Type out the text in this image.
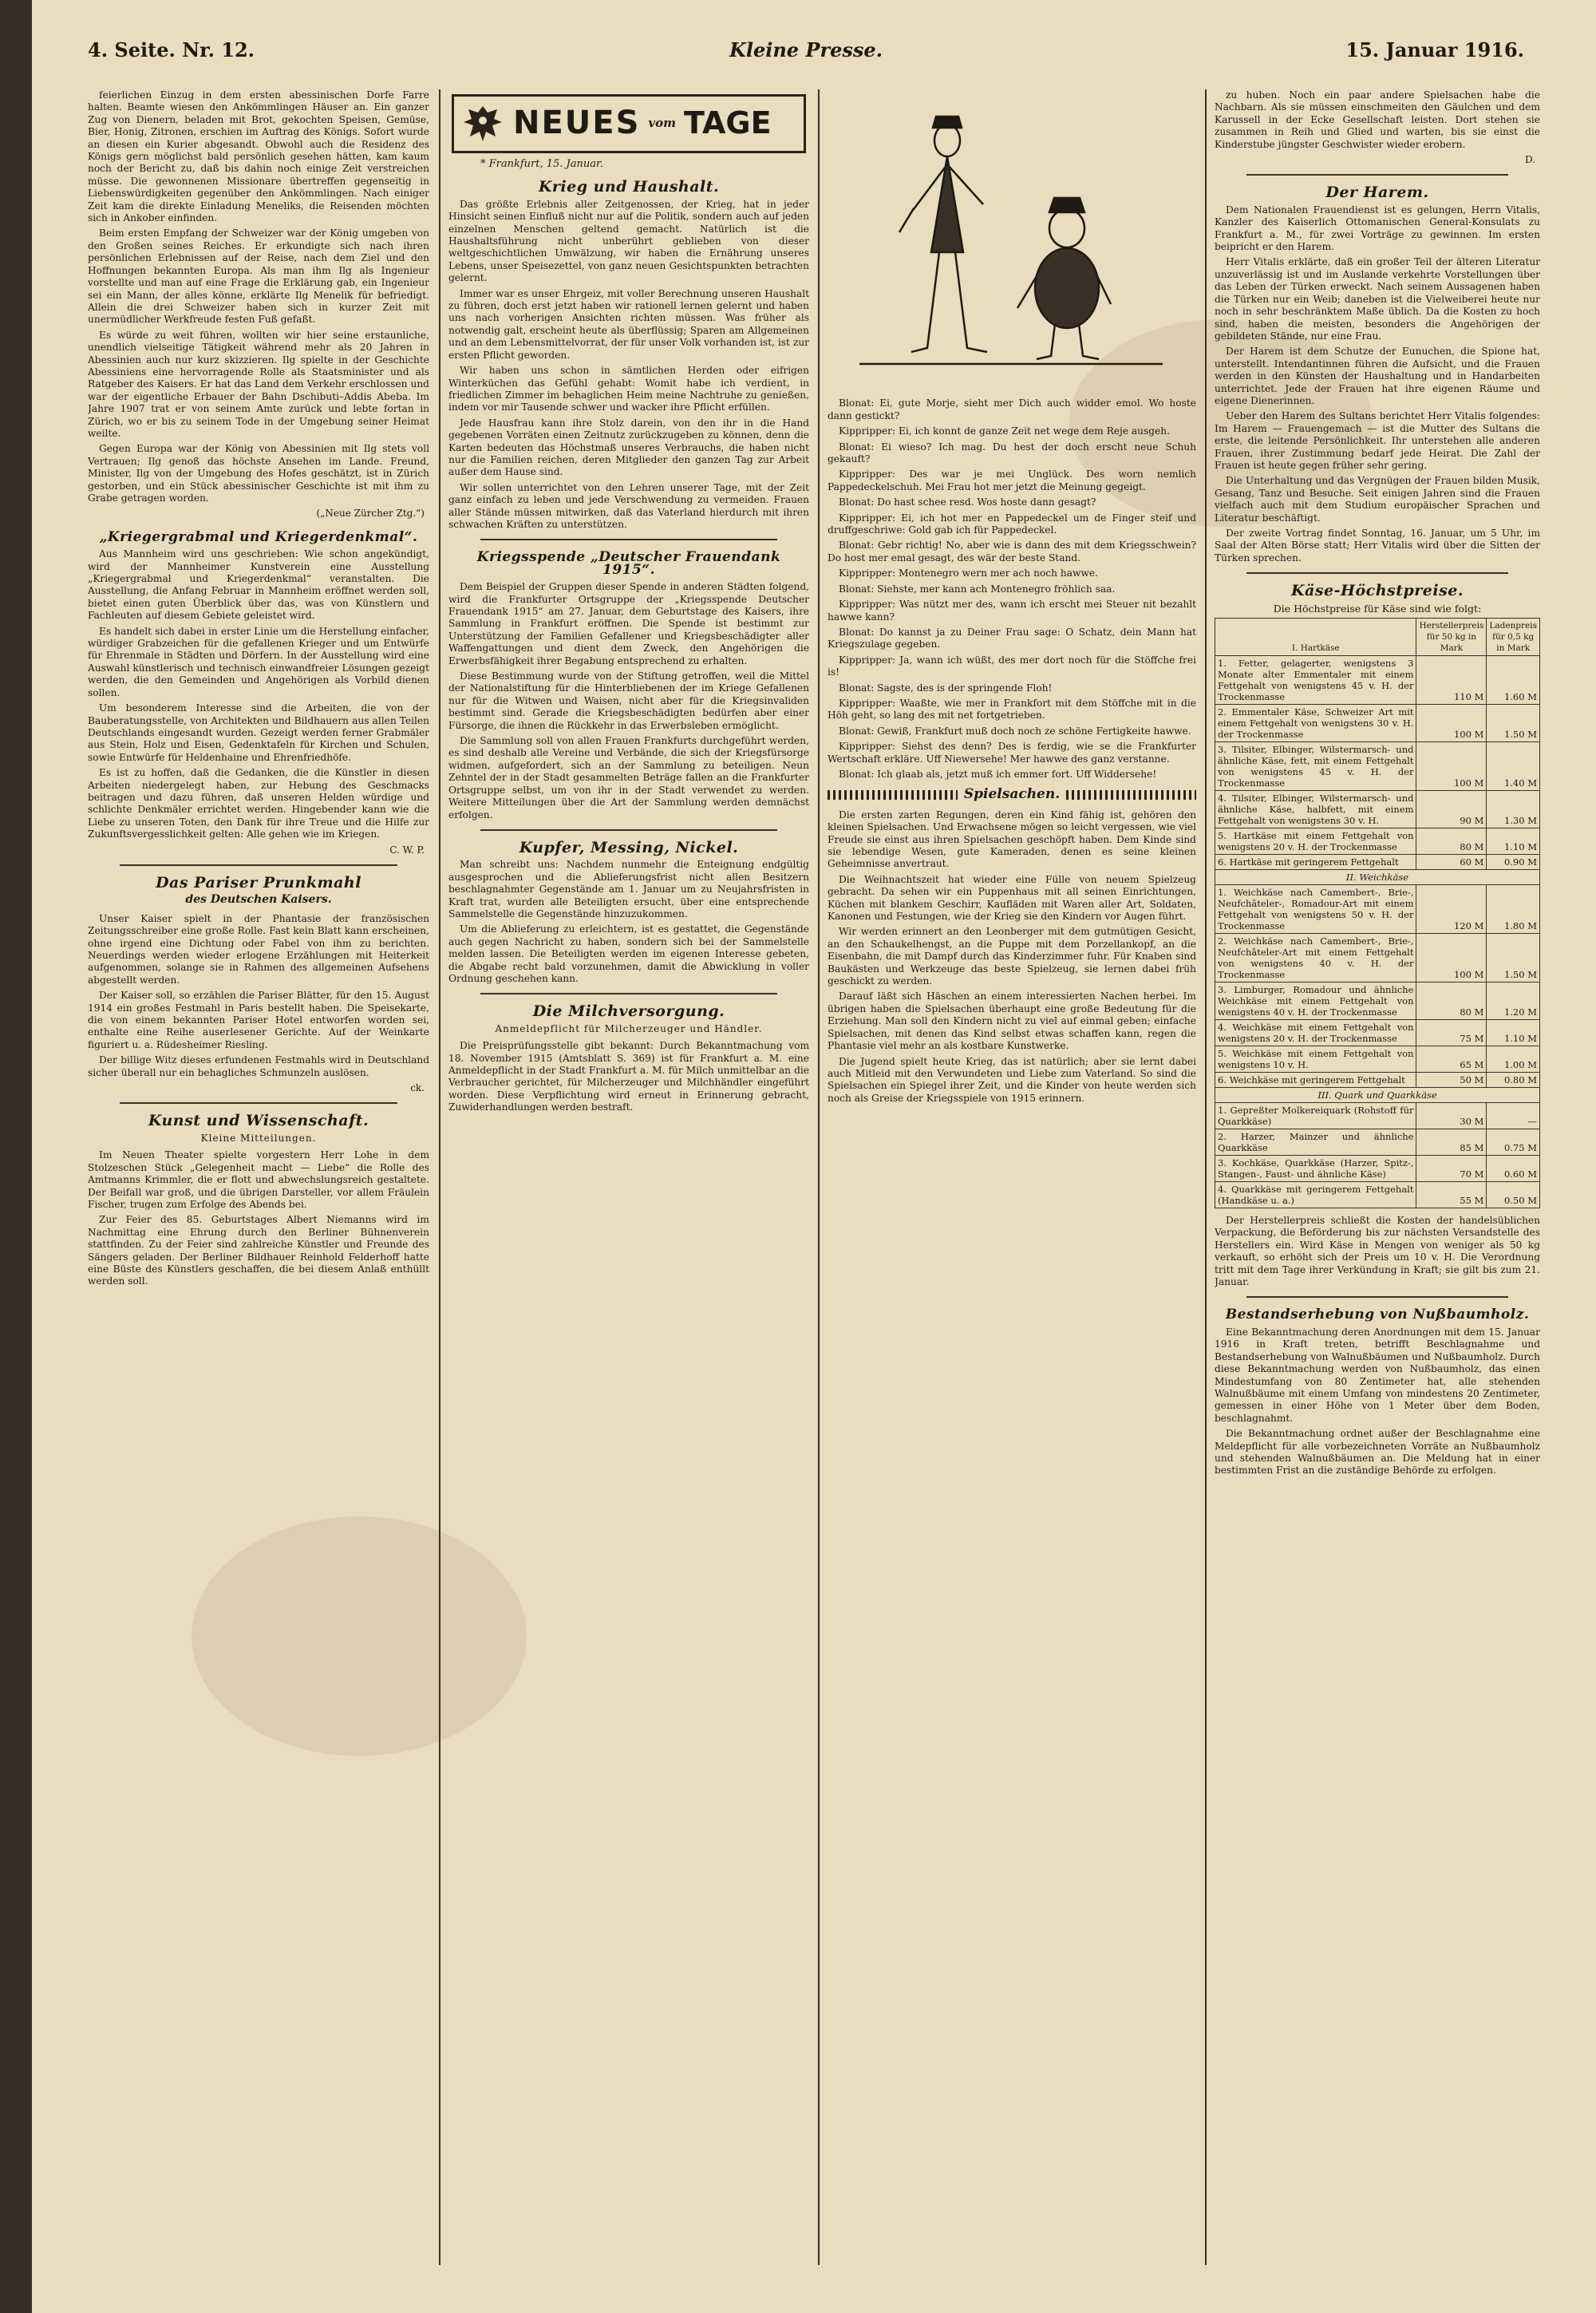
4. Seite. Nr. 12.	Kleine Presse.	15. Januar 1916.

feierlichen Einzug in dem ersten abessinischen Dorfe Farre halten. Beamte wiesen den Ankömmlingen Häuser an. Ein ganzer Zug von Dienern, beladen mit Brot, gekochten Speisen, Gemüse, Bier, Honig, Zitronen, erschien im Auftrag des Königs. Sofort wurde an diesen ein Kurier abgesandt. Obwohl auch die Residenz des Königs gern möglichst bald persönlich gesehen hätten, kam kaum noch der Bericht zu, daß bis dahin noch einige Zeit verstreichen müsse. Die gewonnenen Missionare übertreffen gegenseitig in Liebenswürdigkeiten gegenüber den Ankömmlingen. Nach einiger Zeit kam die direkte Einladung Meneliks, die Reisenden möchten sich in Ankober einfinden.

Beim ersten Empfang der Schweizer war der König umgeben von den Großen seines Reiches. Er erkundigte sich nach ihren persönlichen Erlebnissen auf der Reise, nach dem Ziel und den Hoffnungen bekannten Europa. Als man ihm Ilg als Ingenieur vorstellte und man auf eine Frage die Erklärung gab, ein Ingenieur sei ein Mann, der alles könne, erklärte Ilg Menelik für befriedigt. Allein die drei Schweizer haben sich in kurzer Zeit mit unermüdlicher Werkfreude festen Fuß gefaßt.

Es würde zu weit führen, wollten wir hier seine erstaunliche, unendlich vielseitige Tätigkeit während mehr als 20 Jahren in Abessinien auch nur kurz skizzieren. Ilg spielte in der Geschichte Abessiniens eine hervorragende Rolle als Staatsminister und als Ratgeber des Kaisers. Er hat das Land dem Verkehr erschlossen und war der eigentliche Erbauer der Bahn Dschibuti–Addis Abeba. Im Jahre 1907 trat er von seinem Amte zurück und lebte fortan in Zürich, wo er bis zu seinem Tode in der Umgebung seiner Heimat weilte.

Gegen Europa war der König von Abessinien mit Ilg stets voll Vertrauen; Ilg genoß das höchste Ansehen im Lande. Freund, Minister, Ilg von der Umgebung des Hofes geschätzt, ist in Zürich gestorben, und ein Stück abessinischer Geschichte ist mit ihm zu Grabe getragen worden.

(„Neue Zürcher Ztg.“)
„Kriegergrabmal und Kriegerdenkmal“.

Aus Mannheim wird uns geschrieben: Wie schon angekündigt, wird der Mannheimer Kunstverein eine Ausstellung „Kriegergrabmal und Kriegerdenkmal“ veranstalten. Die Ausstellung, die Anfang Februar in Mannheim eröffnet werden soll, bietet einen guten Überblick über das, was von Künstlern und Fachleuten auf diesem Gebiete geleistet wird.

Es handelt sich dabei in erster Linie um die Herstellung einfacher, würdiger Grabzeichen für die gefallenen Krieger und um Entwürfe für Ehrenmale in Städten und Dörfern. In der Ausstellung wird eine Auswahl künstlerisch und technisch einwandfreier Lösungen gezeigt werden, die den Gemeinden und Angehörigen als Vorbild dienen sollen.

Um besonderem Interesse sind die Arbeiten, die von der Bauberatungsstelle, von Architekten und Bildhauern aus allen Teilen Deutschlands eingesandt wurden. Gezeigt werden ferner Grabmäler aus Stein, Holz und Eisen, Gedenktafeln für Kirchen und Schulen, sowie Entwürfe für Heldenhaine und Ehrenfriedhöfe.

Es ist zu hoffen, daß die Gedanken, die die Künstler in diesen Arbeiten niedergelegt haben, zur Hebung des Geschmacks beitragen und dazu führen, daß unseren Helden würdige und schlichte Denkmäler errichtet werden. Hingebender kann wie die Liebe zu unseren Toten, den Dank für ihre Treue und die Hilfe zur Zukunftsvergesslichkeit gelten: Alle gehen wie im Kriegen.

C. W. P.
Das Pariser Prunkmahl
des Deutschen Kaisers.

Unser Kaiser spielt in der Phantasie der französischen Zeitungsschreiber eine große Rolle. Fast kein Blatt kann erscheinen, ohne irgend eine Dichtung oder Fabel von ihm zu berichten. Neuerdings werden wieder erlogene Erzählungen mit Heiterkeit aufgenommen, solange sie in Rahmen des allgemeinen Aufsehens abgestellt werden.

Der Kaiser soll, so erzählen die Pariser Blätter, für den 15. August 1914 ein großes Festmahl in Paris bestellt haben. Die Speisekarte, die von einem bekannten Pariser Hotel entworfen worden sei, enthalte eine Reihe auserlesener Gerichte. Auf der Weinkarte figuriert u. a. Rüdesheimer Riesling.

Der billige Witz dieses erfundenen Festmahls wird in Deutschland sicher überall nur ein behagliches Schmunzeln auslösen.

ck.
Kunst und Wissenschaft.
Kleine Mitteilungen.

Im Neuen Theater spielte vorgestern Herr Lohe in dem Stolzeschen Stück „Gelegenheit macht — Liebe“ die Rolle des Amtmanns Krimmler, die er flott und abwechslungsreich gestaltete. Der Beifall war groß, und die übrigen Darsteller, vor allem Fräulein Fischer, trugen zum Erfolge des Abends bei.

Zur Feier des 85. Geburtstages Albert Niemanns wird im Nachmittag eine Ehrung durch den Berliner Bühnenverein stattfinden. Zu der Feier sind zahlreiche Künstler und Freunde des Sängers geladen. Der Berliner Bildhauer Reinhold Felderhoff hatte eine Büste des Künstlers geschaffen, die bei diesem Anlaß enthüllt werden soll.

NEUES vom TAGE
* Frankfurt, 15. Januar.
Krieg und Haushalt.

Das größte Erlebnis aller Zeitgenossen, der Krieg, hat in jeder Hinsicht seinen Einfluß nicht nur auf die Politik, sondern auch auf jeden einzelnen Menschen geltend gemacht. Natürlich ist die Haushaltsführung nicht unberührt geblieben von dieser weltgeschichtlichen Umwälzung, wir haben die Ernährung unseres Lebens, unser Speisezettel, von ganz neuen Gesichtspunkten betrachten gelernt.

Immer war es unser Ehrgeiz, mit voller Berechnung unseren Haushalt zu führen, doch erst jetzt haben wir rationell lernen gelernt und haben uns nach vorherigen Ansichten richten müssen. Was früher als notwendig galt, erscheint heute als überflüssig; Sparen am Allgemeinen und an dem Lebensmittelvorrat, der für unser Volk vorhanden ist, ist zur ersten Pflicht geworden.

Wir haben uns schon in sämtlichen Herden oder eifrigen Winterküchen das Gefühl gehabt: Womit habe ich verdient, in friedlichen Zimmer im behaglichen Heim meine Nachtruhe zu genießen, indem vor mir Tausende schwer und wacker ihre Pflicht erfüllen.

Jede Hausfrau kann ihre Stolz darein, von den ihr in die Hand gegebenen Vorräten einen Zeitnutz zurückzugeben zu können, denn die Karten bedeuten das Höchstmaß unseres Verbrauchs, die haben nicht nur die Familien reichen, deren Mitglieder den ganzen Tag zur Arbeit außer dem Hause sind.

Wir sollen unterrichtet von den Lehren unserer Tage, mit der Zeit ganz einfach zu leben und jede Verschwendung zu vermeiden. Frauen aller Stände müssen mitwirken, daß das Vaterland hierdurch mit ihren schwachen Kräften zu unterstützen.

Kriegsspende „Deutscher Frauendank 1915“.

Dem Beispiel der Gruppen dieser Spende in anderen Städten folgend, wird die Frankfurter Ortsgruppe der „Kriegsspende Deutscher Frauendank 1915“ am 27. Januar, dem Geburtstage des Kaisers, ihre Sammlung in Frankfurt eröffnen. Die Spende ist bestimmt zur Unterstützung der Familien Gefallener und Kriegsbeschädigter aller Waffengattungen und dient dem Zweck, den Angehörigen die Erwerbsfähigkeit ihrer Begabung entsprechend zu erhalten.

Diese Bestimmung wurde von der Stiftung getroffen, weil die Mittel der Nationalstiftung für die Hinterbliebenen der im Kriege Gefallenen nur für die Witwen und Waisen, nicht aber für die Kriegsinvaliden bestimmt sind. Gerade die Kriegsbeschädigten bedürfen aber einer Fürsorge, die ihnen die Rückkehr in das Erwerbsleben ermöglicht.

Die Sammlung soll von allen Frauen Frankfurts durchgeführt werden, es sind deshalb alle Vereine und Verbände, die sich der Kriegsfürsorge widmen, aufgefordert, sich an der Sammlung zu beteiligen. Neun Zehntel der in der Stadt gesammelten Beträge fallen an die Frankfurter Ortsgruppe selbst, um von ihr in der Stadt verwendet zu werden. Weitere Mitteilungen über die Art der Sammlung werden demnächst erfolgen.

Kupfer, Messing, Nickel.

Man schreibt uns: Nachdem nunmehr die Enteignung endgültig ausgesprochen und die Ablieferungsfrist nicht allen Besitzern beschlagnahmter Gegenstände am 1. Januar um zu Neujahrsfristen in Kraft trat, wurden alle Beteiligten ersucht, über eine entsprechende Sammelstelle die Gegenstände hinzuzukommen.

Um die Ablieferung zu erleichtern, ist es gestattet, die Gegenstände auch gegen Nachricht zu haben, sondern sich bei der Sammelstelle melden lassen. Die Beteiligten werden im eigenen Interesse gebeten, die Abgabe recht bald vorzunehmen, damit die Abwicklung in voller Ordnung geschehen kann.

Die Milchversorgung.
Anmeldepflicht für Milcherzeuger und Händler.

Die Preisprüfungsstelle gibt bekannt: Durch Bekanntmachung vom 18. November 1915 (Amtsblatt S. 369) ist für Frankfurt a. M. eine Anmeldepflicht in der Stadt Frankfurt a. M. für Milch unmittelbar an die Verbraucher gerichtet, für Milcherzeuger und Milchhändler eingeführt worden. Diese Verpflichtung wird erneut in Erinnerung gebracht, Zuwiderhandlungen werden bestraft.

Blonat: Ei, gute Morje, sieht mer Dich auch widder emol. Wo hoste dann gestickt?

Kippripper: Ei, ich konnt de ganze Zeit net wege dem Reje ausgeh.

Blonat: Ei wieso? Ich mag. Du hest der doch erscht neue Schuh gekauft?

Kippripper: Des war je mei Unglück. Des worn nemlich Pappedeckelschuh. Mei Frau hot mer jetzt die Meinung gegeigt.

Blonat: Do hast schee resd. Wos hoste dann gesagt?

Kippripper: Ei, ich hot mer en Pappedeckel um de Finger steif und druffgeschriwe: Gold gab ich für Pappedeckel.

Blonat: Gebr richtig! No, aber wie is dann des mit dem Kriegsschwein? Do host mer emal gesagt, des wär der beste Stand.

Kippripper: Montenegro wern mer ach noch hawwe.

Blonat: Siehste, mer kann ach Montenegro fröhlich saa.

Kippripper: Was nützt mer des, wann ich erscht mei Steuer nit bezahlt hawwe kann?

Blonat: Do kannst ja zu Deiner Frau sage: O Schatz, dein Mann hat Kriegszulage gegeben.

Kippripper: Ja, wann ich wüßt, des mer dort noch für die Stöffche frei is!

Blonat: Sagste, des is der springende Floh!

Kippripper: Waaßte, wie mer in Frankfort mit dem Stöffche mit in die Höh geht, so lang des mit net fortgetrieben.

Blonat: Gewiß, Frankfurt muß doch noch ze schöne Fertigkeite hawwe.

Kippripper: Siehst des denn? Des is ferdig, wie se die Frankfurter Wertschaft erkläre. Uff Niewersehe! Mer hawwe des ganz verstanne.

Blonat: Ich glaab als, jetzt muß ich emmer fort. Uff Widdersehe!

Spielsachen.

Die ersten zarten Regungen, deren ein Kind fähig ist, gehören den kleinen Spielsachen. Und Erwachsene mögen so leicht vergessen, wie viel Freude sie einst aus ihren Spielsachen geschöpft haben. Dem Kinde sind sie lebendige Wesen, gute Kameraden, denen es seine kleinen Geheimnisse anvertraut.

Die Weihnachtszeit hat wieder eine Fülle von neuem Spielzeug gebracht. Da sehen wir ein Puppenhaus mit all seinen Einrichtungen, Küchen mit blankem Geschirr, Kaufläden mit Waren aller Art, Soldaten, Kanonen und Festungen, wie der Krieg sie den Kindern vor Augen führt.

Wir werden erinnert an den Leonberger mit dem gutmütigen Gesicht, an den Schaukelhengst, an die Puppe mit dem Porzellankopf, an die Eisenbahn, die mit Dampf durch das Kinderzimmer fuhr. Für Knaben sind Baukästen und Werkzeuge das beste Spielzeug, sie lernen dabei früh geschickt zu werden.

Darauf läßt sich Häschen an einem interessierten Nachen herbei. Im übrigen haben die Spielsachen überhaupt eine große Bedeutung für die Erziehung. Man soll den Kindern nicht zu viel auf einmal geben; einfache Spielsachen, mit denen das Kind selbst etwas schaffen kann, regen die Phantasie viel mehr an als kostbare Kunstwerke.

Die Jugend spielt heute Krieg, das ist natürlich; aber sie lernt dabei auch Mitleid mit den Verwundeten und Liebe zum Vaterland. So sind die Spielsachen ein Spiegel ihrer Zeit, und die Kinder von heute werden sich noch als Greise der Kriegsspiele von 1915 erinnern.

zu huben. Noch ein paar andere Spielsachen habe die Nachbarn. Als sie müssen einschmeiten den Gäulchen und dem Karussell in der Ecke Gesellschaft leisten. Dort stehen sie zusammen in Reih und Glied und warten, bis sie einst die Kinderstube jüngster Geschwister wieder erobern.

D.
Der Harem.

Dem Nationalen Frauendienst ist es gelungen, Herrn Vitalis, Kanzler des Kaiserlich Ottomanischen General-Konsulats zu Frankfurt a. M., für zwei Vorträge zu gewinnen. Im ersten beipricht er den Harem.

Herr Vitalis erklärte, daß ein großer Teil der älteren Literatur unzuverlässig ist und im Auslande verkehrte Vorstellungen über das Leben der Türken erweckt. Nach seinem Aussagenen haben die Türken nur ein Weib; daneben ist die Vielweiberei heute nur noch in sehr beschränktem Maße üblich. Da die Kosten zu hoch sind, haben die meisten, besonders die Angehörigen der gebildeten Stände, nur eine Frau.

Der Harem ist dem Schutze der Eunuchen, die Spione hat, unterstellt. Intendantinnen führen die Aufsicht, und die Frauen werden in den Künsten der Haushaltung und in Handarbeiten unterrichtet. Jede der Frauen hat ihre eigenen Räume und eigene Dienerinnen.

Ueber den Harem des Sultans berichtet Herr Vitalis folgendes: Im Harem — Frauengemach — ist die Mutter des Sultans die erste, die leitende Persönlichkeit. Ihr unterstehen alle anderen Frauen, ihrer Zustimmung bedarf jede Heirat. Die Zahl der Frauen ist heute gegen früher sehr gering.

Die Unterhaltung und das Vergnügen der Frauen bilden Musik, Gesang, Tanz und Besuche. Seit einigen Jahren sind die Frauen vielfach auch mit dem Studium europäischer Sprachen und Literatur beschäftigt.

Der zweite Vortrag findet Sonntag, 16. Januar, um 5 Uhr, im Saal der Alten Börse statt; Herr Vitalis wird über die Sitten der Türken sprechen.

Käse-Höchstpreise.
Die Höchstpreise für Käse sind wie folgt:
I. Hartkäse	Herstellerpreis für 50 kg in Mark	Ladenpreis für 0,5 kg in Mark
1. Fetter, gelagerter, wenigstens 3 Monate alter Emmentaler mit einem Fettgehalt von wenigstens 45 v. H. der Trockenmasse	110 M	1.60 M
2. Emmentaler Käse, Schweizer Art mit einem Fettgehalt von wenigstens 30 v. H. der Trockenmasse	100 M	1.50 M
3. Tilsiter, Elbinger, Wilstermarsch- und ähnliche Käse, fett, mit einem Fettgehalt von wenigstens 45 v. H. der Trockenmasse	100 M	1.40 M
4. Tilsiter, Elbinger, Wilstermarsch- und ähnliche Käse, halbfett, mit einem Fettgehalt von wenigstens 30 v. H.	90 M	1.30 M
5. Hartkäse mit einem Fettgehalt von wenigstens 20 v. H. der Trockenmasse	80 M	1.10 M
6. Hartkäse mit geringerem Fettgehalt	60 M	0.90 M
II. Weichkäse		
1. Weichkäse nach Camembert-, Brie-, Neufchâteler-, Romadour-Art mit einem Fettgehalt von wenigstens 50 v. H. der Trockenmasse	120 M	1.80 M
2. Weichkäse nach Camembert-, Brie-, Neufchâteler-Art mit einem Fettgehalt von wenigstens 40 v. H. der Trockenmasse	100 M	1.50 M
3. Limburger, Romadour und ähnliche Weichkäse mit einem Fettgehalt von wenigstens 40 v. H. der Trockenmasse	80 M	1.20 M
4. Weichkäse mit einem Fettgehalt von wenigstens 20 v. H. der Trockenmasse	75 M	1.10 M
5. Weichkäse mit einem Fettgehalt von wenigstens 10 v. H.	65 M	1.00 M
6. Weichkäse mit geringerem Fettgehalt	50 M	0.80 M
III. Quark und Quarkkäse		
1. Gepreßter Molkereiquark (Rohstoff für Quarkkäse)	30 M	—
2. Harzer, Mainzer und ähnliche Quarkkäse	85 M	0.75 M
3. Kochkäse, Quarkkäse (Harzer, Spitz-, Stangen-, Faust- und ähnliche Käse)	70 M	0.60 M
4. Quarkkäse mit geringerem Fettgehalt (Handkäse u. a.)	55 M	0.50 M

Der Herstellerpreis schließt die Kosten der handelsüblichen Verpackung, die Beförderung bis zur nächsten Versandstelle des Herstellers ein. Wird Käse in Mengen von weniger als 50 kg verkauft, so erhöht sich der Preis um 10 v. H. Die Verordnung tritt mit dem Tage ihrer Verkündung in Kraft; sie gilt bis zum 21. Januar.

Bestandserhebung von Nußbaumholz.

Eine Bekanntmachung deren Anordnungen mit dem 15. Januar 1916 in Kraft treten, betrifft Beschlagnahme und Bestandserhebung von Walnußbäumen und Nußbaumholz. Durch diese Bekanntmachung werden von Nußbaumholz, das einen Mindestumfang von 80 Zentimeter hat, alle stehenden Walnußbäume mit einem Umfang von mindestens 20 Zentimeter, gemessen in einer Höhe von 1 Meter über dem Boden, beschlagnahmt.

Die Bekanntmachung ordnet außer der Beschlagnahme eine Meldepflicht für alle vorbezeichneten Vorräte an Nußbaumholz und stehenden Walnußbäumen an. Die Meldung hat in einer bestimmten Frist an die zuständige Behörde zu erfolgen.
